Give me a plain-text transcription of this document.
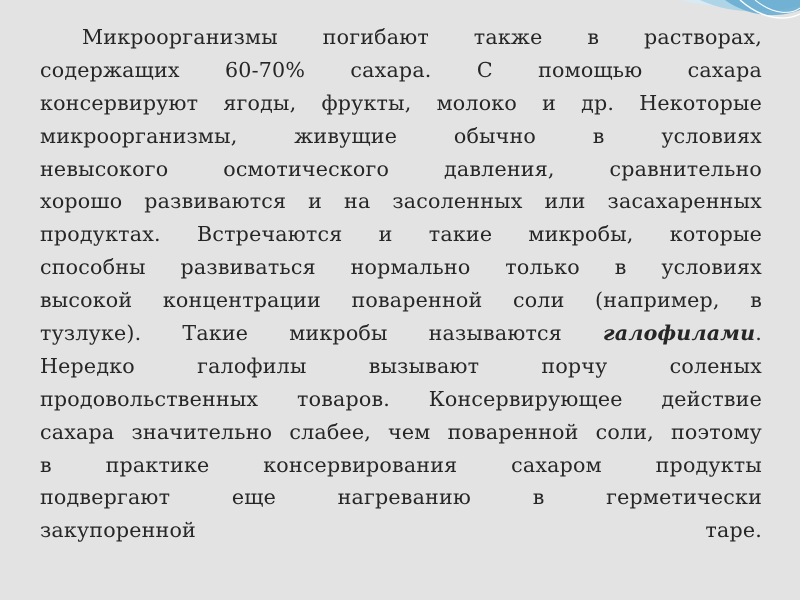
Микроорганизмы погибают также в растворах,
содержащих 60-70% сахара. С помощью сахара
консервируют ягоды, фрукты, молоко и др. Некоторые
микроорганизмы, живущие обычно в условиях
невысокого осмотического давления, сравнительно
хорошо развиваются и на засоленных или засахаренных
продуктах. Встречаются и такие микробы, которые
способны развиваться нормально только в условиях
высокой концентрации поваренной соли (например, в
тузлуке). Такие микробы называются галофилами.
Нередко галофилы вызывают порчу соленых
продовольственных товаров. Консервирующее действие
сахара значительно слабее, чем поваренной соли, поэтому
в практике консервирования сахаром продукты
подвергают еще нагреванию в герметически
закупоренной таре.
